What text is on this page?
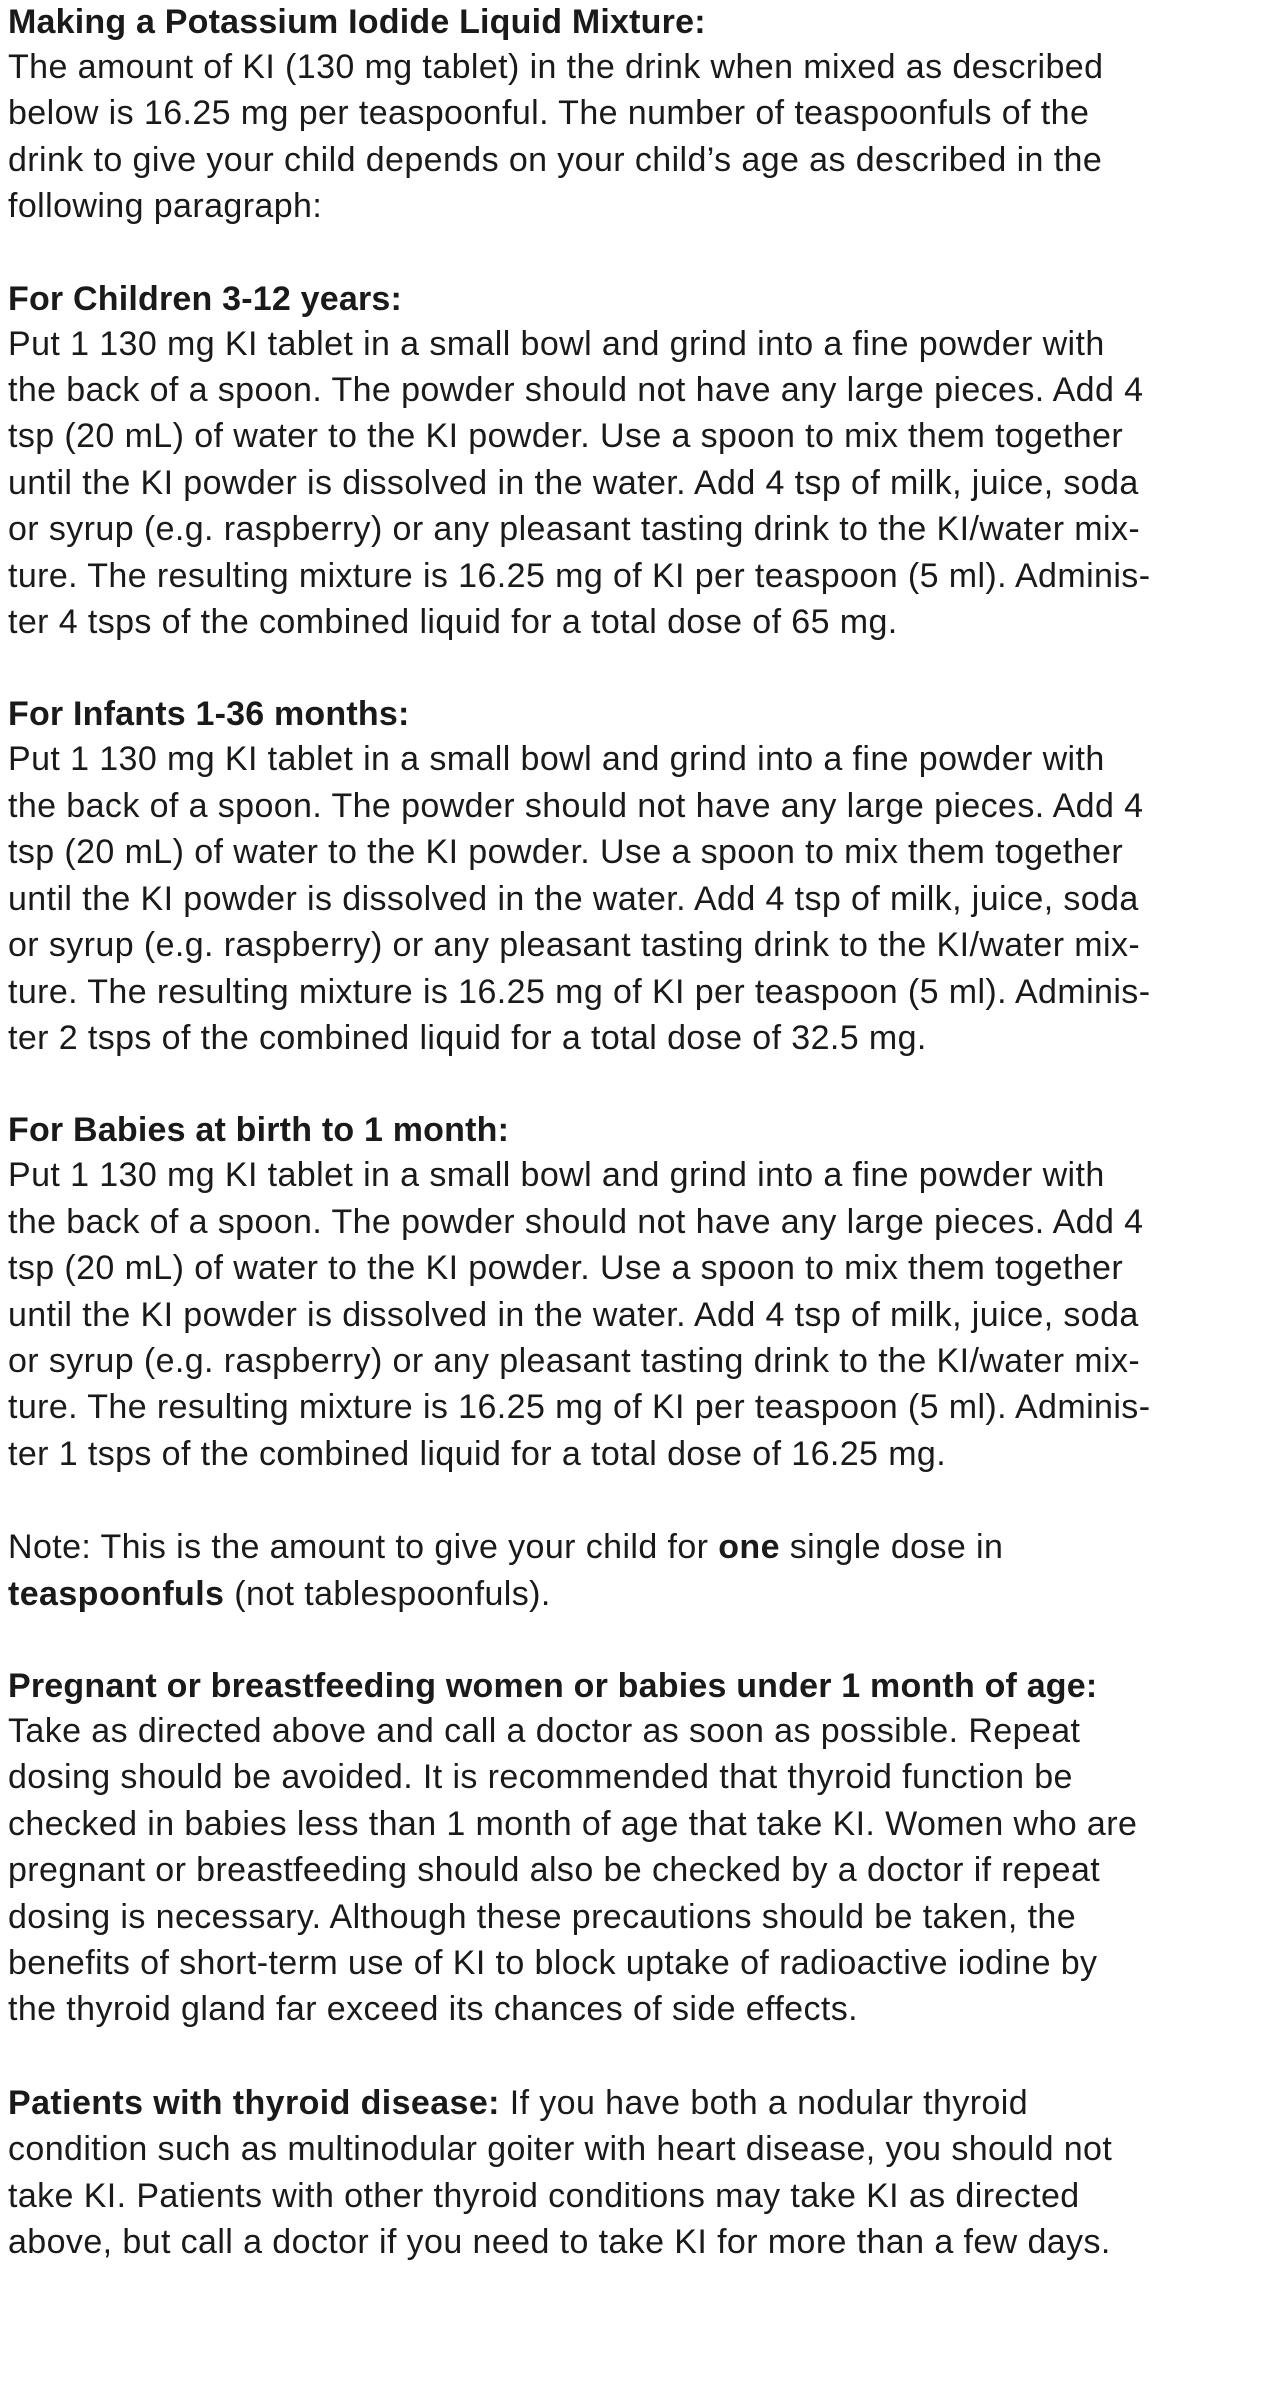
Making a Potassium Iodide Liquid Mixture:
The amount of KI (130 mg tablet) in the drink when mixed as described
below is 16.25 mg per teaspoonful. The number of teaspoonfuls of the
drink to give your child depends on your child’s age as described in the
following paragraph:
For Children 3-12 years:
Put 1 130 mg KI tablet in a small bowl and grind into a fine powder with
the back of a spoon. The powder should not have any large pieces. Add 4
tsp (20 mL) of water to the KI powder. Use a spoon to mix them together
until the KI powder is dissolved in the water. Add 4 tsp of milk, juice, soda
or syrup (e.g. raspberry) or any pleasant tasting drink to the KI/water mix-
ture. The resulting mixture is 16.25 mg of KI per teaspoon (5 ml). Adminis-
ter 4 tsps of the combined liquid for a total dose of 65 mg.
For Infants 1-36 months:
Put 1 130 mg KI tablet in a small bowl and grind into a fine powder with
the back of a spoon. The powder should not have any large pieces. Add 4
tsp (20 mL) of water to the KI powder. Use a spoon to mix them together
until the KI powder is dissolved in the water. Add 4 tsp of milk, juice, soda
or syrup (e.g. raspberry) or any pleasant tasting drink to the KI/water mix-
ture. The resulting mixture is 16.25 mg of KI per teaspoon (5 ml). Adminis-
ter 2 tsps of the combined liquid for a total dose of 32.5 mg.
For Babies at birth to 1 month:
Put 1 130 mg KI tablet in a small bowl and grind into a fine powder with
the back of a spoon. The powder should not have any large pieces. Add 4
tsp (20 mL) of water to the KI powder. Use a spoon to mix them together
until the KI powder is dissolved in the water. Add 4 tsp of milk, juice, soda
or syrup (e.g. raspberry) or any pleasant tasting drink to the KI/water mix-
ture. The resulting mixture is 16.25 mg of KI per teaspoon (5 ml). Adminis-
ter 1 tsps of the combined liquid for a total dose of 16.25 mg.
Note: This is the amount to give your child for one single dose in
teaspoonfuls (not tablespoonfuls).
Pregnant or breastfeeding women or babies under 1 month of age:
Take as directed above and call a doctor as soon as possible. Repeat
dosing should be avoided. It is recommended that thyroid function be
checked in babies less than 1 month of age that take KI. Women who are
pregnant or breastfeeding should also be checked by a doctor if repeat
dosing is necessary. Although these precautions should be taken, the
benefits of short-term use of KI to block uptake of radioactive iodine by
the thyroid gland far exceed its chances of side effects.
Patients with thyroid disease: If you have both a nodular thyroid
condition such as multinodular goiter with heart disease, you should not
take KI. Patients with other thyroid conditions may take KI as directed
above, but call a doctor if you need to take KI for more than a few days.
